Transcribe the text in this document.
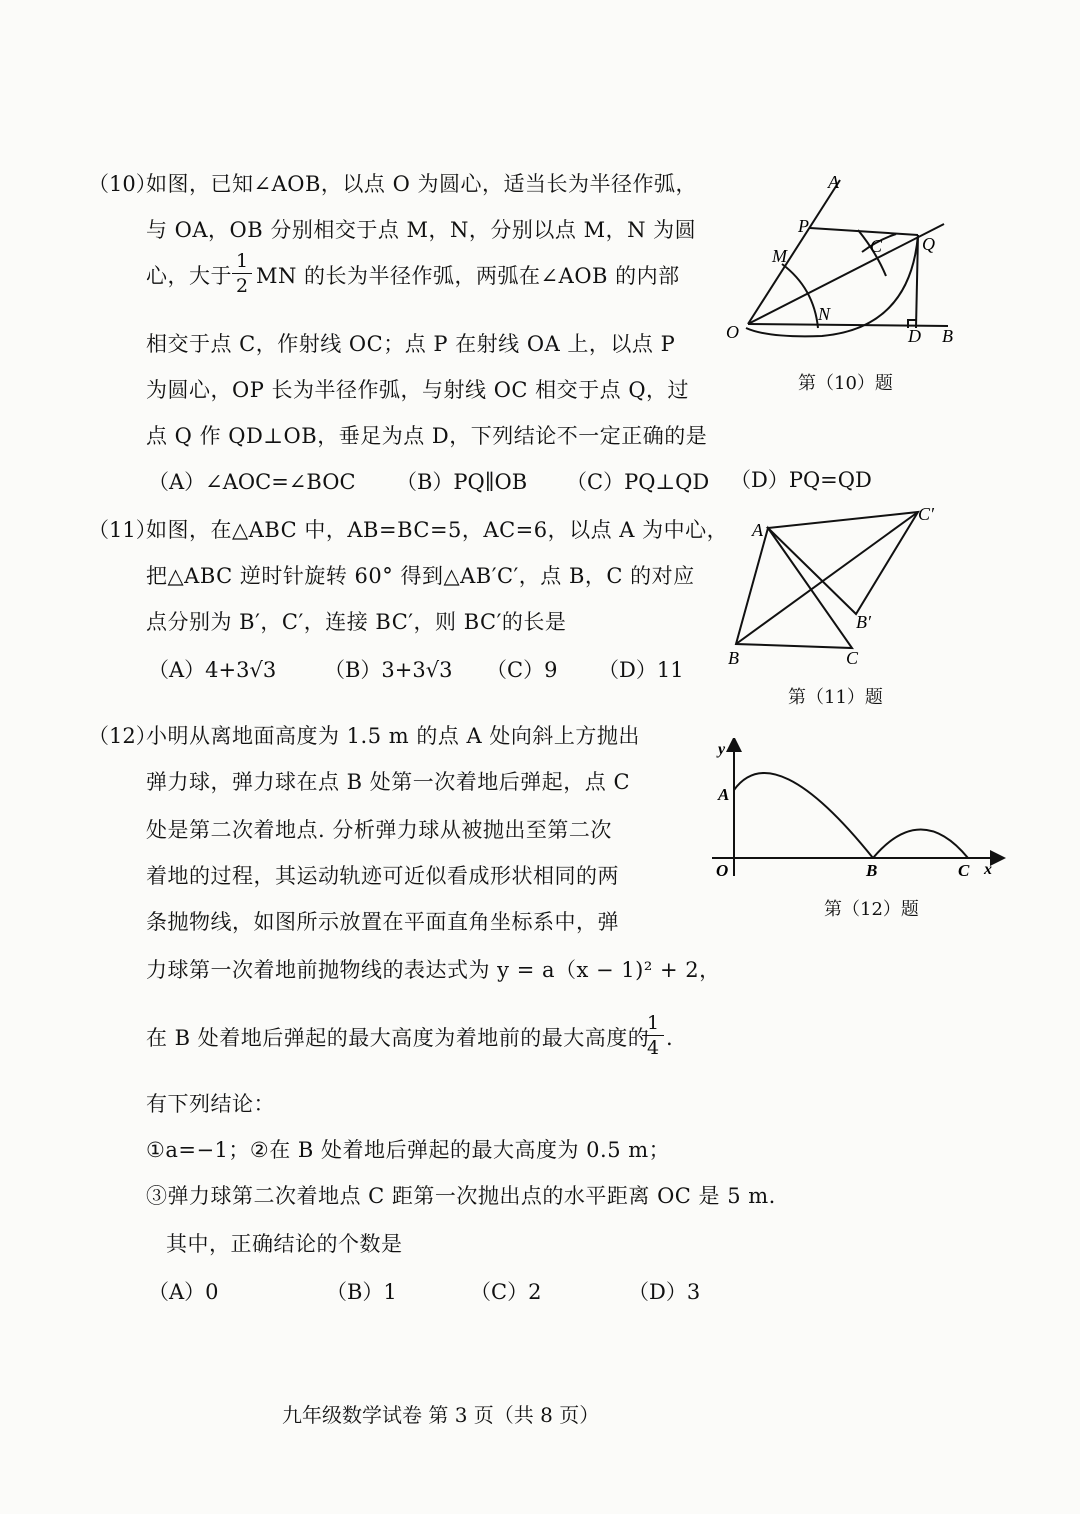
（10）
如图，已知∠AOB，以点 O 为圆心，适当长为半径作弧，
与 OA，OB 分别相交于点 M，N，分别以点 M，N 为圆
心，大于
1
2 MN 的长为半径作弧，两弧在∠AOB 的内部
相交于点 C，作射线 OC；点 P 在射线 OA 上，以点 P
为圆心，OP 长为半径作弧，与射线 OC 相交于点 Q，过
点 Q 作 QD⊥OB，垂足为点 D，下列结论不一定正确的是
（A）∠AOC=∠BOC （B）PQ∥OB （C）PQ⊥QD （D）PQ=QD
A
P
M	C Q
N
O	D B
第（10）题
（11）
如图，在△ABC 中，AB=BC=5，AC=6，以点 A 为中心，
把△ABC 逆时针旋转 60° 得到△AB′C′，点 B，C 的对应
点分别为 B′，C′，连接 BC′，则 BC′的长是
（A）4+3√3 （B）3+3√3 （C）9 （D）11
A
C′
B′
B	C
第（11）题
（12）
小明从离地面高度为 1.5 m 的点 A 处向斜上方抛出
弹力球，弹力球在点 B 处第一次着地后弹起，点 C
处是第二次着地点. 分析弹力球从被抛出至第二次
着地的过程，其运动轨迹可近似看成形状相同的两
条抛物线，如图所示放置在平面直角坐标系中，弹
力球第一次着地前抛物线的表达式为 y = a（x − 1)² + 2，
在 B 处着地后弹起的最大高度为着地前的最大高度的
1
4 .
有下列结论：
①a=−1；②在 B 处着地后弹起的最大高度为 0.5 m；
③弹力球第二次着地点 C 距第一次抛出点的水平距离 OC 是 5 m.
其中，正确结论的个数是
（A）0	（B）1	（C）2	（D）3
y
A
O	B	C x
第（12）题
九年级数学试卷 第 3 页（共 8 页）
